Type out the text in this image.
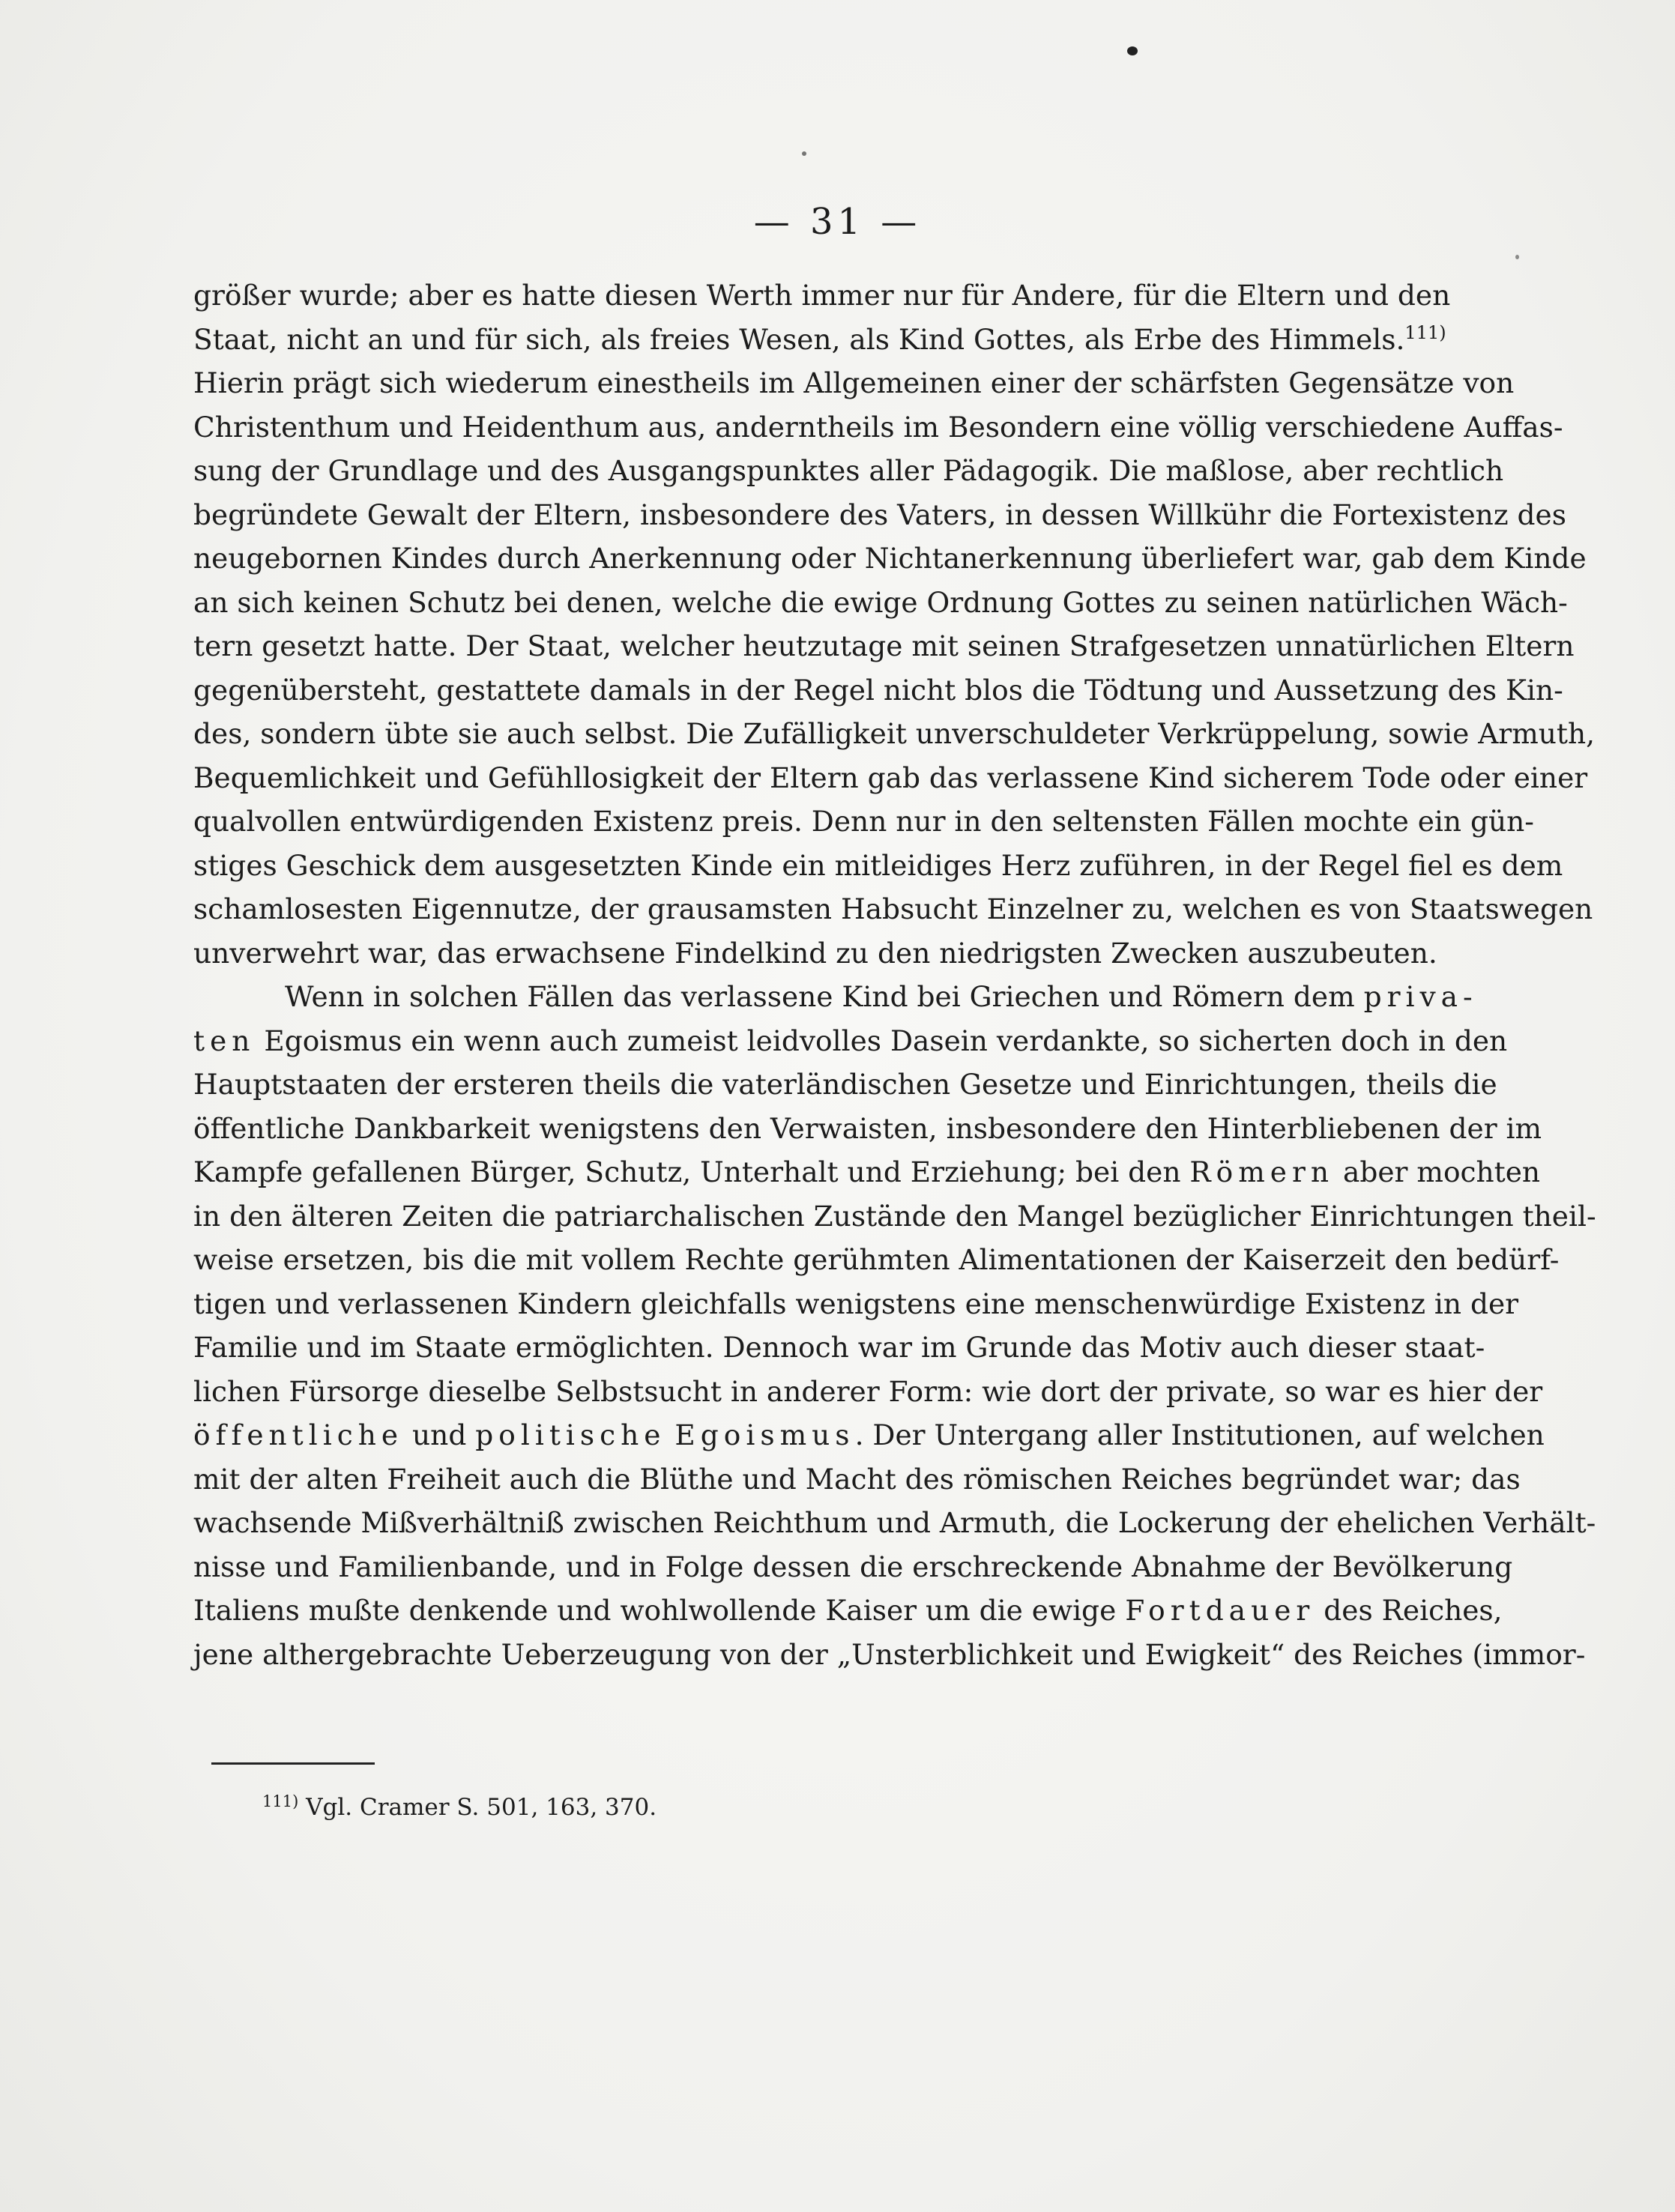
— 31 —
größer wurde; aber es hatte diesen Werth immer nur für Andere, für die Eltern und den
Staat, nicht an und für sich, als freies Wesen, als Kind Gottes, als Erbe des Himmels.$^{111)}$
Hierin prägt sich wiederum einestheils im Allgemeinen einer der schärfsten Gegensätze von
Christenthum und Heidenthum aus, anderntheils im Besondern eine völlig verschiedene Auffas-
sung der Grundlage und des Ausgangspunktes aller Pädagogik. Die maßlose, aber rechtlich
begründete Gewalt der Eltern, insbesondere des Vaters, in dessen Willkühr die Fortexistenz des
neugebornen Kindes durch Anerkennung oder Nichtanerkennung überliefert war, gab dem Kinde
an sich keinen Schutz bei denen, welche die ewige Ordnung Gottes zu seinen natürlichen Wäch-
tern gesetzt hatte. Der Staat, welcher heutzutage mit seinen Strafgesetzen unnatürlichen Eltern
gegenübersteht, gestattete damals in der Regel nicht blos die Tödtung und Aussetzung des Kin-
des, sondern übte sie auch selbst. Die Zufälligkeit unverschuldeter Verkrüppelung, sowie Armuth,
Bequemlichkeit und Gefühllosigkeit der Eltern gab das verlassene Kind sicherem Tode oder einer
qualvollen entwürdigenden Existenz preis. Denn nur in den seltensten Fällen mochte ein gün-
stiges Geschick dem ausgesetzten Kinde ein mitleidiges Herz zuführen, in der Regel fiel es dem
schamlosesten Eigennutze, der grausamsten Habsucht Einzelner zu, welchen es von Staatswegen
unverwehrt war, das erwachsene Findelkind zu den niedrigsten Zwecken auszubeuten.
Wenn in solchen Fällen das verlassene Kind bei Griechen und Römern dem priva-
ten Egoismus ein wenn auch zumeist leidvolles Dasein verdankte, so sicherten doch in den
Hauptstaaten der ersteren theils die vaterländischen Gesetze und Einrichtungen, theils die
öffentliche Dankbarkeit wenigstens den Verwaisten, insbesondere den Hinterbliebenen der im
Kampfe gefallenen Bürger, Schutz, Unterhalt und Erziehung; bei den Römern aber mochten
in den älteren Zeiten die patriarchalischen Zustände den Mangel bezüglicher Einrichtungen theil-
weise ersetzen, bis die mit vollem Rechte gerühmten Alimentationen der Kaiserzeit den bedürf-
tigen und verlassenen Kindern gleichfalls wenigstens eine menschenwürdige Existenz in der
Familie und im Staate ermöglichten. Dennoch war im Grunde das Motiv auch dieser staat-
lichen Fürsorge dieselbe Selbstsucht in anderer Form: wie dort der private, so war es hier der
öffentliche und politische Egoismus. Der Untergang aller Institutionen, auf welchen
mit der alten Freiheit auch die Blüthe und Macht des römischen Reiches begründet war; das
wachsende Mißverhältniß zwischen Reichthum und Armuth, die Lockerung der ehelichen Verhält-
nisse und Familienbande, und in Folge dessen die erschreckende Abnahme der Bevölkerung
Italiens mußte denkende und wohlwollende Kaiser um die ewige Fortdauer des Reiches,
jene althergebrachte Ueberzeugung von der „Unsterblichkeit und Ewigkeit“ des Reiches (immor-
$^{111)}$ Vgl. Cramer S. 501, 163, 370.
